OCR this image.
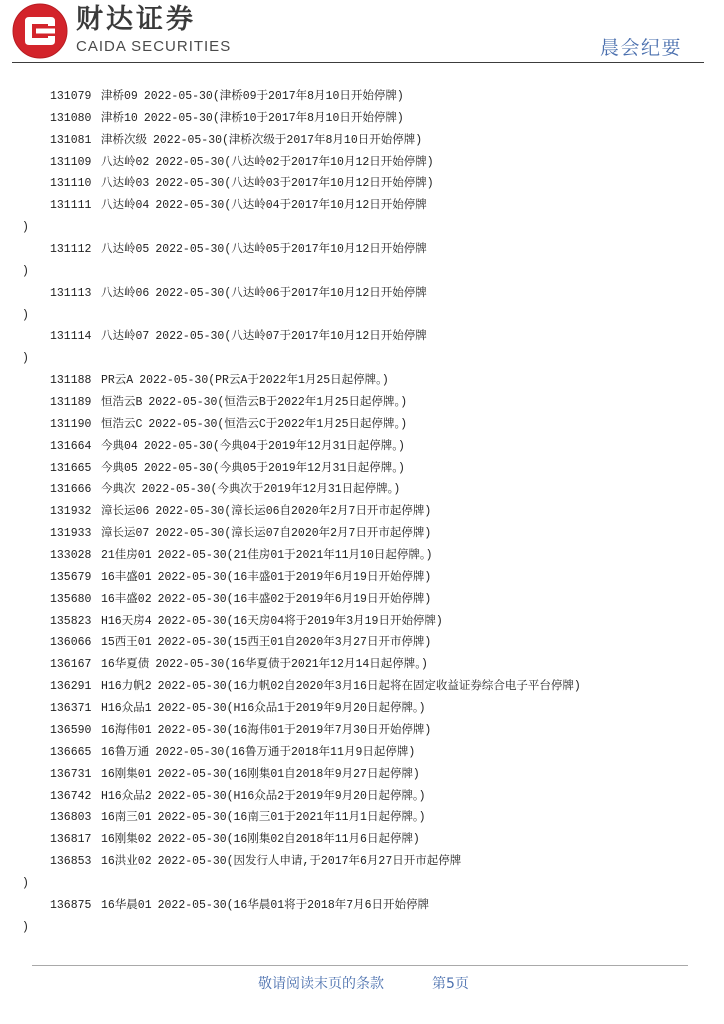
财达证券
CAIDA SECURITIES	晨会纪要
131079 津桥09 2022-05-30(津桥09于2017年8月10日开始停牌)
131080 津桥10 2022-05-30(津桥10于2017年8月10日开始停牌)
131081 津桥次级 2022-05-30(津桥次级于2017年8月10日开始停牌)
131109 八达岭02 2022-05-30(八达岭02于2017年10月12日开始停牌)
131110 八达岭03 2022-05-30(八达岭03于2017年10月12日开始停牌)
131111 八达岭04 2022-05-30(八达岭04于2017年10月12日开始停牌
)
131112 八达岭05 2022-05-30(八达岭05于2017年10月12日开始停牌
)
131113 八达岭06 2022-05-30(八达岭06于2017年10月12日开始停牌
)
131114 八达岭07 2022-05-30(八达岭07于2017年10月12日开始停牌
)
131188 PR云A 2022-05-30(PR云A于2022年1月25日起停牌。)
131189 恒浩云B 2022-05-30(恒浩云B于2022年1月25日起停牌。)
131190 恒浩云C 2022-05-30(恒浩云C于2022年1月25日起停牌。)
131664 今典04 2022-05-30(今典04于2019年12月31日起停牌。)
131665 今典05 2022-05-30(今典05于2019年12月31日起停牌。)
131666 今典次 2022-05-30(今典次于2019年12月31日起停牌。)
131932 漳长运06 2022-05-30(漳长运06自2020年2月7日开市起停牌)
131933 漳长运07 2022-05-30(漳长运07自2020年2月7日开市起停牌)
133028 21佳房01 2022-05-30(21佳房01于2021年11月10日起停牌。)
135679 16丰盛01 2022-05-30(16丰盛01于2019年6月19日开始停牌)
135680 16丰盛02 2022-05-30(16丰盛02于2019年6月19日开始停牌)
135823 H16天房4 2022-05-30(16天房04将于2019年3月19日开始停牌)
136066 15西王01 2022-05-30(15西王01自2020年3月27日开市停牌)
136167 16华夏债 2022-05-30(16华夏债于2021年12月14日起停牌。)
136291 H16力帆2 2022-05-30(16力帆02自2020年3月16日起将在固定收益证券综合电子平台停牌)
136371 H16众品1 2022-05-30(H16众品1于2019年9月20日起停牌。)
136590 16海伟01 2022-05-30(16海伟01于2019年7月30日开始停牌)
136665 16鲁万通 2022-05-30(16鲁万通于2018年11月9日起停牌)
136731 16刚集01 2022-05-30(16刚集01自2018年9月27日起停牌)
136742 H16众品2 2022-05-30(H16众品2于2019年9月20日起停牌。)
136803 16南三01 2022-05-30(16南三01于2021年11月1日起停牌。)
136817 16刚集02 2022-05-30(16刚集02自2018年11月6日起停牌)
136853 16洪业02 2022-05-30(因发行人申请,于2017年6月27日开市起停牌
)
136875 16华晨01 2022-05-30(16华晨01将于2018年7月6日开始停牌
)
敬请阅读末页的条款	第5页
